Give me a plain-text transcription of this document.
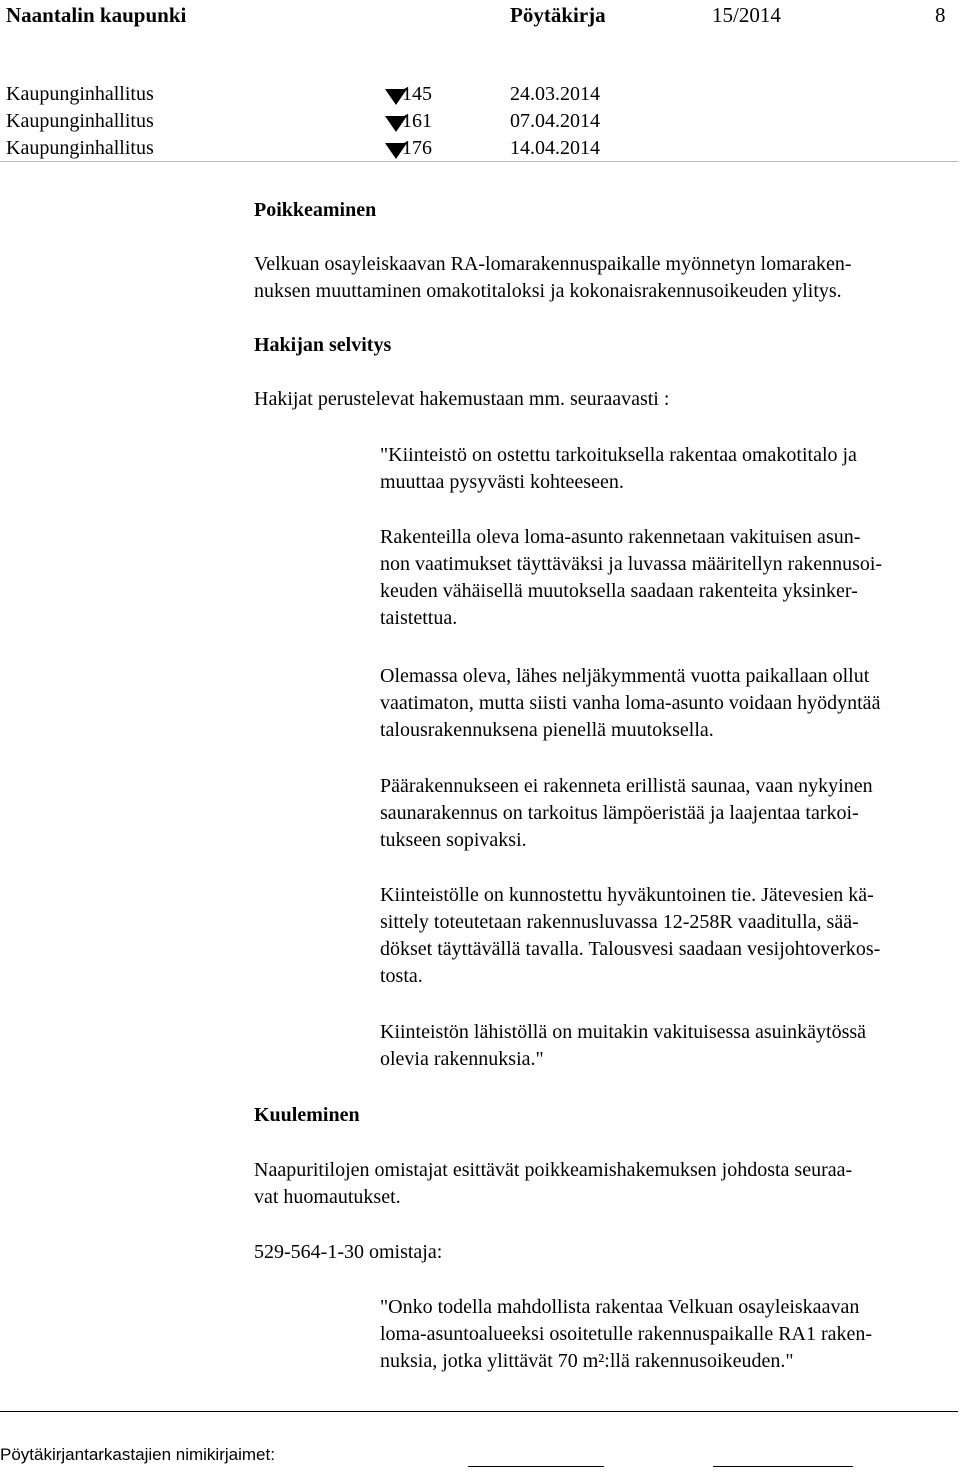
Naantalin kaupunki	Pöytäkirja	15/2014	8
Kaupunginhallitus	145	24.03.2014
Kaupunginhallitus	161	07.04.2014
Kaupunginhallitus	176	14.04.2014
Poikkeaminen
Velkuan osayleiskaavan RA-lomarakennuspaikalle myönnetyn lomaraken-
nuksen muuttaminen omakotitaloksi ja kokonaisrakennusoikeuden ylitys.
Hakijan selvitys
Hakijat perustelevat hakemustaan mm. seuraavasti :
"Kiinteistö on ostettu tarkoituksella rakentaa omakotitalo ja
muuttaa pysyvästi kohteeseen.
Rakenteilla oleva loma-asunto rakennetaan vakituisen asun-
non vaatimukset täyttäväksi ja luvassa määritellyn rakennusoi-
keuden vähäisellä muutoksella saadaan rakenteita yksinker-
taistettua.
Olemassa oleva, lähes neljäkymmentä vuotta paikallaan ollut
vaatimaton, mutta siisti vanha loma-asunto voidaan hyödyntää
talousrakennuksena pienellä muutoksella.
Päärakennukseen ei rakenneta erillistä saunaa, vaan nykyinen
saunarakennus on tarkoitus lämpöeristää ja laajentaa tarkoi-
tukseen sopivaksi.
Kiinteistölle on kunnostettu hyväkuntoinen tie. Jätevesien kä-
sittely toteutetaan rakennusluvassa 12-258R vaaditulla, sää-
dökset täyttävällä tavalla. Talousvesi saadaan vesijohtoverkos-
tosta.
Kiinteistön lähistöllä on muitakin vakituisessa asuinkäytössä
olevia rakennuksia."
Kuuleminen
Naapuritilojen omistajat esittävät poikkeamishakemuksen johdosta seuraa-
vat huomautukset.
529-564-1-30 omistaja:
"Onko todella mahdollista rakentaa Velkuan osayleiskaavan
loma-asuntoalueeksi osoitetulle rakennuspaikalle RA1 raken-
nuksia, jotka ylittävät 70 m²:llä rakennusoikeuden."
Pöytäkirjantarkastajien nimikirjaimet:
